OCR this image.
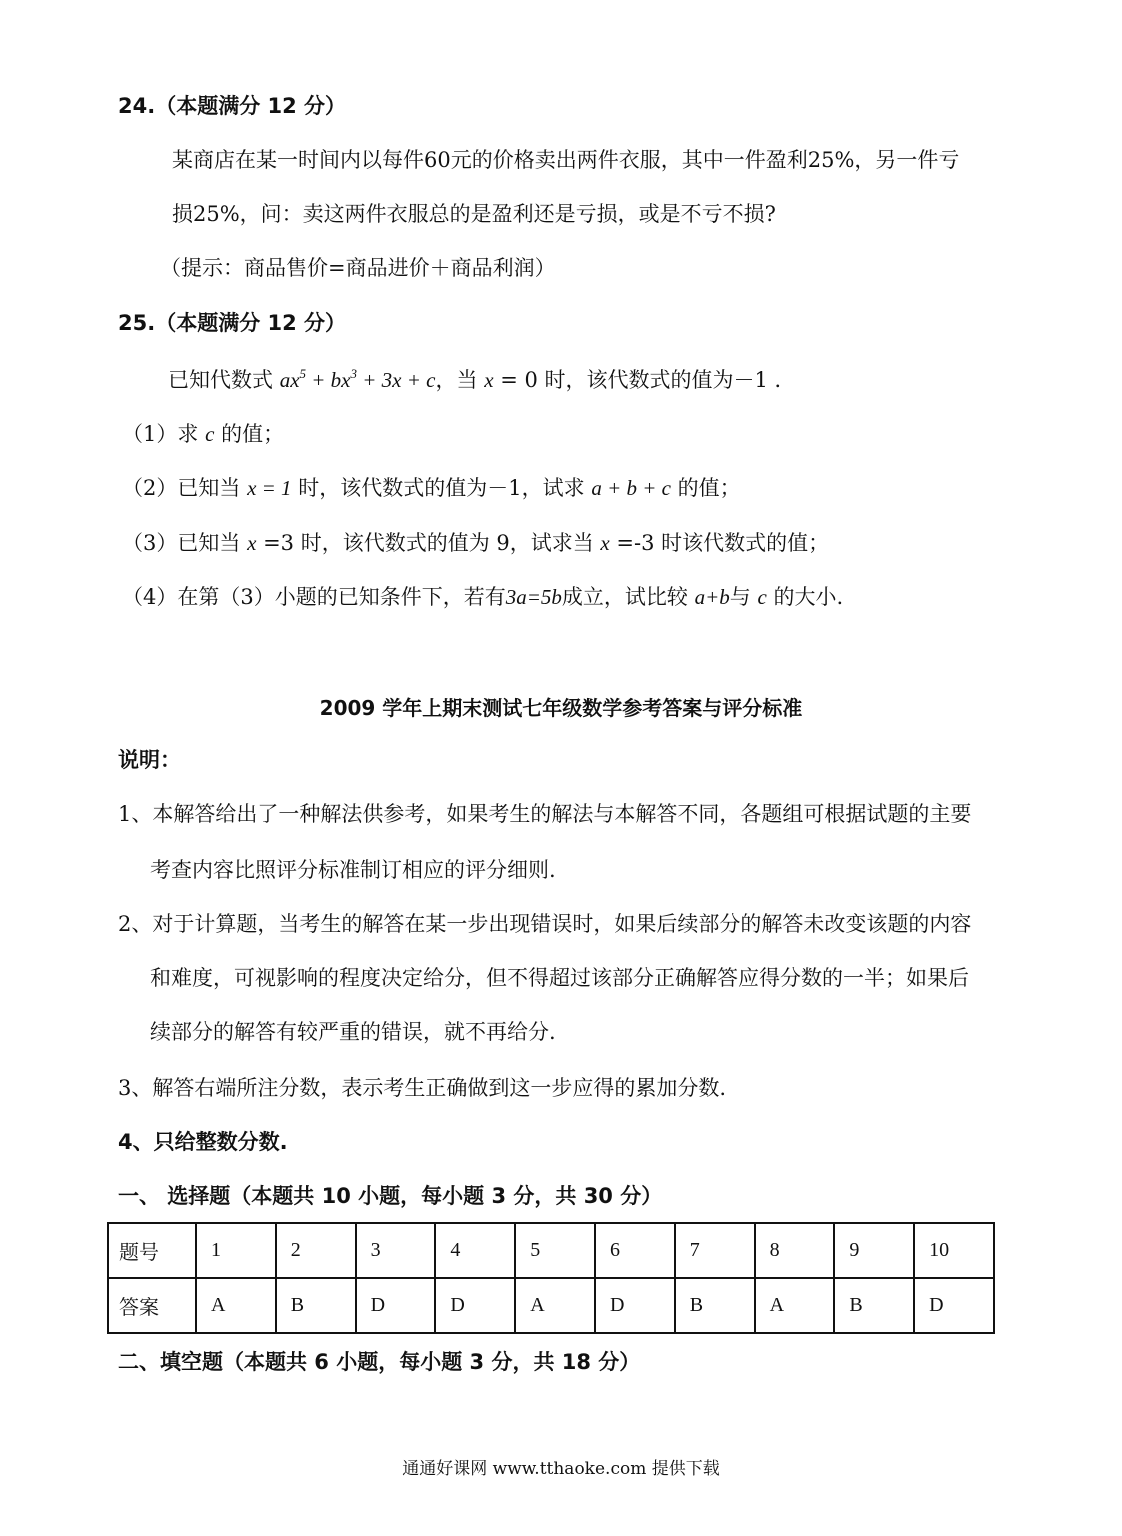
24.（本题满分 12 分）
某商店在某一时间内以每件60元的价格卖出两件衣服，其中一件盈利25%，另一件亏
损25%，问：卖这两件衣服总的是盈利还是亏损，或是不亏不损?
（提示：商品售价=商品进价＋商品利润）
25.（本题满分 12 分）
已知代数式 $ax^5 + bx^3 + 3x + c$，当 x = 0 时，该代数式的值为－1 ．
（1）求 c 的值；
（2）已知当 x = 1 时，该代数式的值为－1，试求 a + b + c 的值；
（3）已知当 x =3 时，该代数式的值为 9，试求当 x =-3 时该代数式的值；
（4）在第（3）小题的已知条件下，若有3a=5b成立，试比较 a+b与 c 的大小.
2009 学年上期末测试七年级数学参考答案与评分标准
说明：
1、本解答给出了一种解法供参考，如果考生的解法与本解答不同，各题组可根据试题的主要
考查内容比照评分标准制订相应的评分细则.
2、对于计算题，当考生的解答在某一步出现错误时，如果后续部分的解答未改变该题的内容
和难度，可视影响的程度决定给分，但不得超过该部分正确解答应得分数的一半；如果后
续部分的解答有较严重的错误，就不再给分.
3、解答右端所注分数，表示考生正确做到这一步应得的累加分数.
4、只给整数分数.
一、 选择题（本题共 10 小题，每小题 3 分，共 30 分）
题号	1	2	3	4	5	6	7	8	9	10
答案	A	B	D	D	A	D	B	A	B	D
二、填空题（本题共 6 小题，每小题 3 分，共 18 分）
通通好课网 www.tthaoke.com 提供下载
